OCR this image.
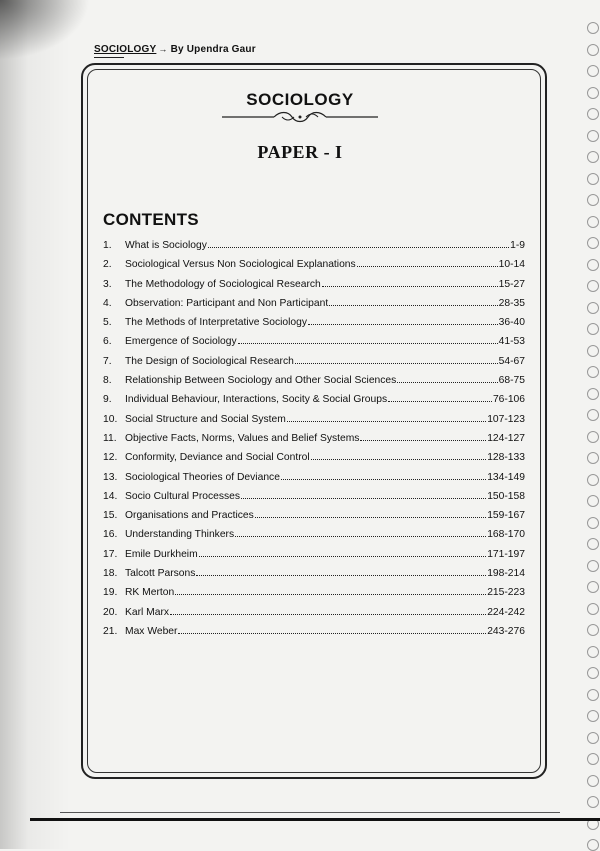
SOCIOLOGY → By Upendra Gaur
SOCIOLOGY
PAPER - I
CONTENTS
1.	What is Sociology	1-9
2.	Sociological Versus Non Sociological Explanations	10-14
3.	The Methodology of Sociological Research	15-27
4.	Observation: Participant and Non Participant	28-35
5.	The Methods of Interpretative Sociology	36-40
6.	Emergence of Sociology	41-53
7.	The Design of Sociological Research	54-67
8.	Relationship Between Sociology and Other Social Sciences	68-75
9.	Individual Behaviour, Interactions, Socity & Social Groups	76-106
10. Social Structure and Social System	107-123
11. Objective Facts, Norms, Values and Belief Systems	124-127
12. Conformity, Deviance and Social Control	128-133
13. Sociological Theories of Deviance	134-149
14. Socio Cultural Processes	150-158
15. Organisations and Practices	159-167
16. Understanding Thinkers	168-170
17. Emile Durkheim	171-197
18. Talcott Parsons	198-214
19. RK Merton	215-223
20. Karl Marx	224-242
21. Max Weber	243-276
